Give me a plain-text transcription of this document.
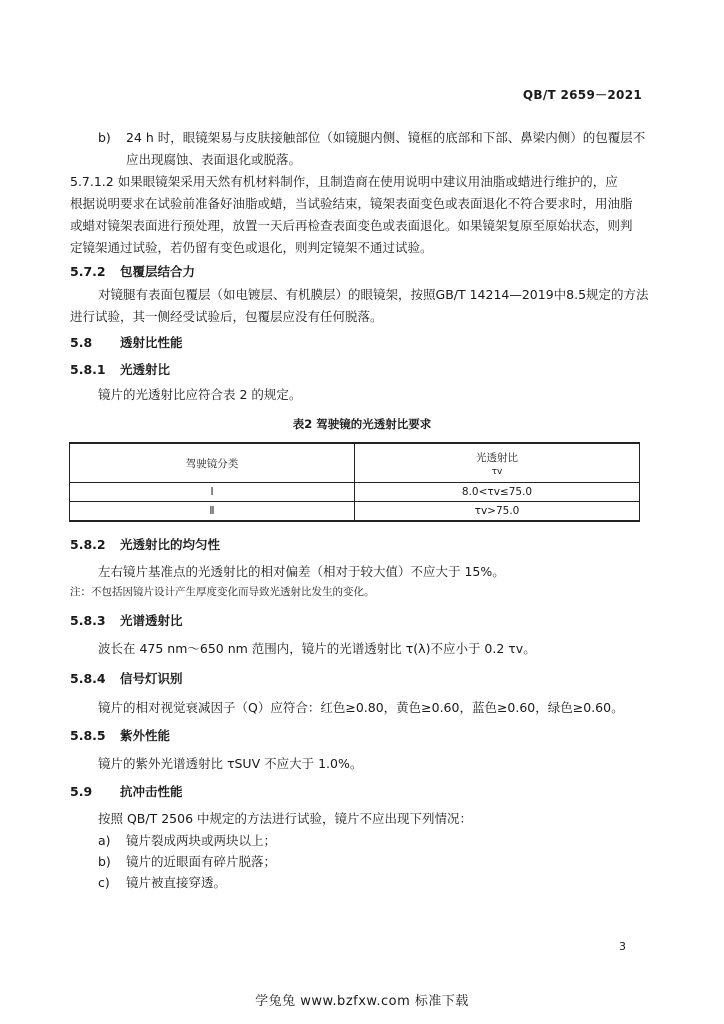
QB/T 2659－2021
b) 24 h 时，眼镜架易与皮肤接触部位（如镜腿内侧、镜框的底部和下部、鼻梁内侧）的包覆层不
应出现腐蚀、表面退化或脱落。
5.7.1.2 如果眼镜架采用天然有机材料制作，且制造商在使用说明中建议用油脂或蜡进行维护的，应
根据说明要求在试验前准备好油脂或蜡，当试验结束，镜架表面变色或表面退化不符合要求时，用油脂
或蜡对镜架表面进行预处理，放置一天后再检查表面变色或表面退化。如果镜架复原至原始状态，则判
定镜架通过试验，若仍留有变色或退化，则判定镜架不通过试验。
5.7.2 包覆层结合力
对镜腿有表面包覆层（如电镀层、有机膜层）的眼镜架，按照GB/T 14214—2019中8.5规定的方法
进行试验，其一侧经受试验后，包覆层应没有任何脱落。
5.8 透射比性能
5.8.1 光透射比
镜片的光透射比应符合表 2 的规定。
表2 驾驶镜的光透射比要求
驾驶镜分类	光透射比
τv

Ⅰ	8.0<τv≤75.0
Ⅱ	τv>75.0
5.8.2 光透射比的均匀性
左右镜片基准点的光透射比的相对偏差（相对于较大值）不应大于 15%。
注：不包括因镜片设计产生厚度变化而导致光透射比发生的变化。
5.8.3 光谱透射比
波长在 475 nm～650 nm 范围内，镜片的光谱透射比 τ(λ)不应小于 0.2 τv。
5.8.4 信号灯识别
镜片的相对视觉衰减因子（Q）应符合：红色≥0.80，黄色≥0.60，蓝色≥0.60，绿色≥0.60。
5.8.5 紫外性能
镜片的紫外光谱透射比 τSUV 不应大于 1.0%。
5.9 抗冲击性能
按照 QB/T 2506 中规定的方法进行试验，镜片不应出现下列情况：
a) 镜片裂成两块或两块以上；
b) 镜片的近眼面有碎片脱落；
c) 镜片被直接穿透。
3
学兔兔 www.bzfxw.com 标准下载
